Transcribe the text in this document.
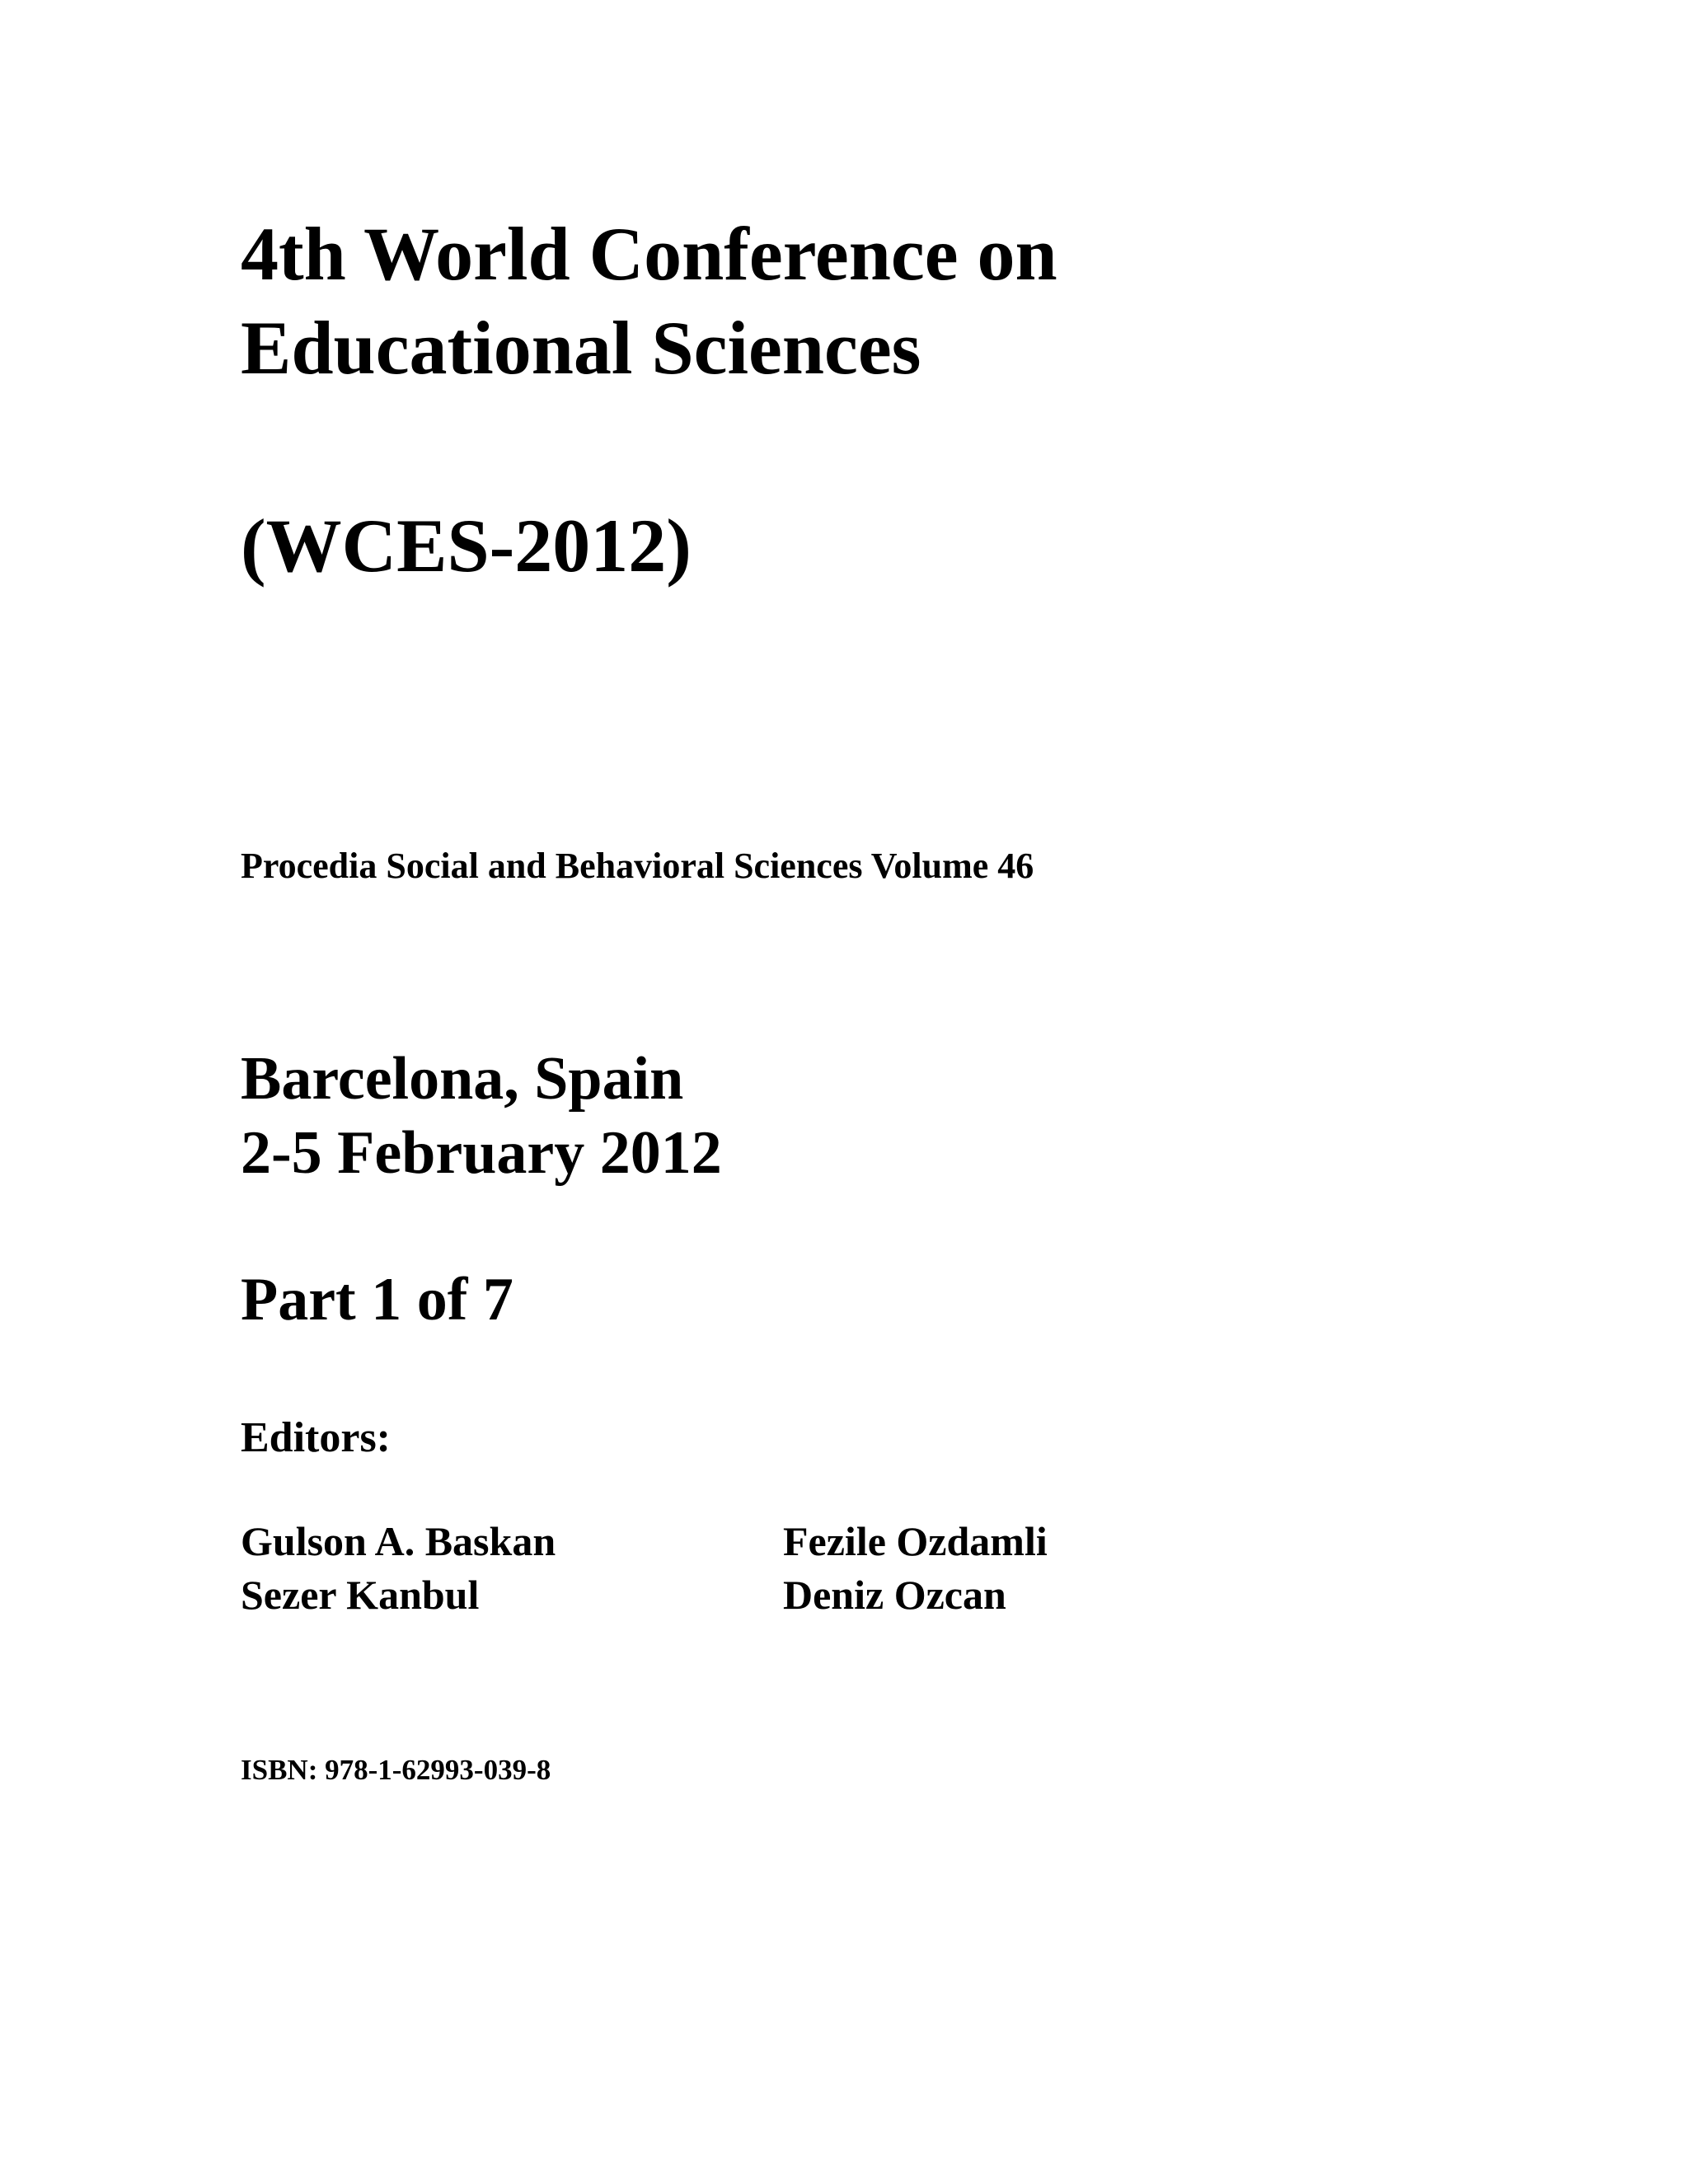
4th World Conference on
Educational Sciences
(WCES-2012)

Procedia Social and Behavioral Sciences Volume 46

Barcelona, Spain

2-5 February 2012

Part 1 of 7

Editors:

Gulson A. Baskan

Sezer Kanbul

Fezile Ozdamli

Deniz Ozcan

ISBN: 978-1-62993-039-8
